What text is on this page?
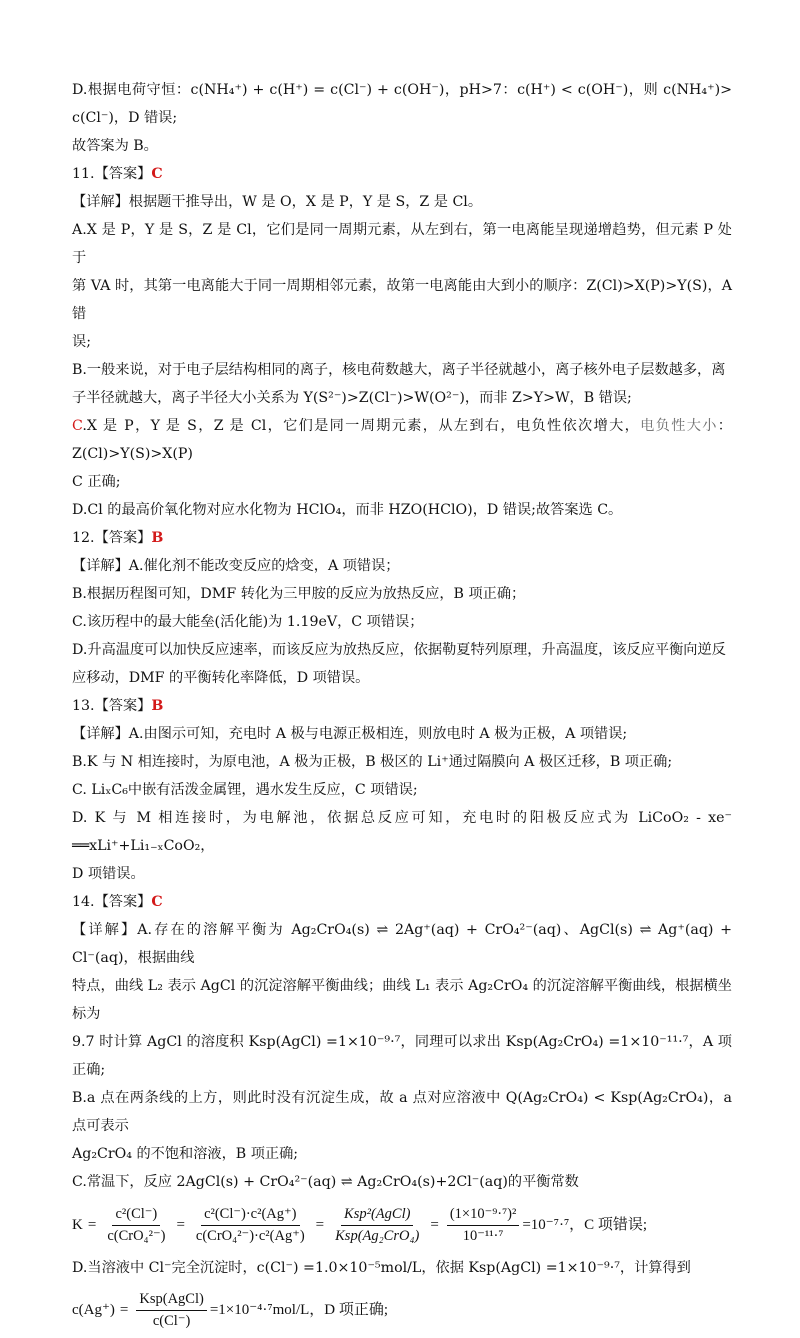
D.根据电荷守恒：c(NH₄⁺) + c(H⁺) = c(Cl⁻) + c(OH⁻)，pH>7：c(H⁺) < c(OH⁻)，则 c(NH₄⁺)> c(Cl⁻)，D 错误;

故答案为 B。

11.【答案】C

【详解】根据题干推导出，W 是 O，X 是 P，Y 是 S，Z 是 Cl。

A.X 是 P，Y 是 S，Z 是 Cl，它们是同一周期元素，从左到右，第一电离能呈现递增趋势，但元素 P 处于

第 VA 时，其第一电离能大于同一周期相邻元素，故第一电离能由大到小的顺序：Z(Cl)>X(P)>Y(S)，A 错

误;

B.一般来说，对于电子层结构相同的离子，核电荷数越大，离子半径就越小，离子核外电子层数越多，离

子半径就越大，离子半径大小关系为 Y(S²⁻)>Z(Cl⁻)>W(O²⁻)，而非 Z>Y>W，B 错误;

C.X 是 P，Y 是 S，Z 是 Cl，它们是同一周期元素，从左到右，电负性依次增大，电负性大小：Z(Cl)>Y(S)>X(P)

C 正确;

D.Cl 的最高价氧化物对应水化物为 HClO₄，而非 HZO(HClO)，D 错误;故答案选 C。

12.【答案】B

【详解】A.催化剂不能改变反应的焓变，A 项错误；

B.根据历程图可知，DMF 转化为三甲胺的反应为放热反应，B 项正确；

C.该历程中的最大能垒(活化能)为 1.19eV，C 项错误；

D.升高温度可以加快反应速率，而该反应为放热反应，依据勒夏特列原理，升高温度，该反应平衡向逆反

应移动，DMF 的平衡转化率降低，D 项错误。

13.【答案】B

【详解】A.由图示可知，充电时 A 极与电源正极相连，则放电时 A 极为正极，A 项错误;

B.K 与 N 相连接时，为原电池，A 极为正极，B 极区的 Li⁺通过隔膜向 A 极区迁移，B 项正确;

C. LiₓC₆中嵌有活泼金属锂，遇水发生反应，C 项错误;

D. K 与 M 相连接时，为电解池，依据总反应可知，充电时的阳极反应式为 LiCoO₂ - xe⁻ ══xLi⁺+Li₁₋ₓCoO₂，

D 项错误。

14.【答案】C

【详解】A.存在的溶解平衡为 Ag₂CrO₄(s) ⇌ 2Ag⁺(aq) + CrO₄²⁻(aq)、AgCl(s) ⇌ Ag⁺(aq) + Cl⁻(aq)，根据曲线

特点，曲线 L₂ 表示 AgCl 的沉淀溶解平衡曲线；曲线 L₁ 表示 Ag₂CrO₄ 的沉淀溶解平衡曲线，根据横坐标为

9.7 时计算 AgCl 的溶度积 Ksp(AgCl) =1×10⁻⁹·⁷，同理可以求出 Ksp(Ag₂CrO₄) =1×10⁻¹¹·⁷，A 项正确;

B.a 点在两条线的上方，则此时没有沉淀生成，故 a 点对应溶液中 Q(Ag₂CrO₄) < Ksp(Ag₂CrO₄)，a 点可表示

Ag₂CrO₄ 的不饱和溶液，B 项正确;

C.常温下，反应 2AgCl(s) + CrO₄²⁻(aq) ⇌ Ag₂CrO₄(s)+2Cl⁻(aq)的平衡常数

$K = \frac{\text{c²(Cl⁻)}}{\text{c(CrO₄²⁻)}} = \frac{\text{c²(Cl⁻)·c²(Ag⁺)}}{\text{c(CrO₄²⁻)·c²(Ag⁺)}} = \frac{\text{Ksp²(AgCl)}}{\text{Ksp(Ag₂CrO₄)}} = \frac{\text{(1×10⁻⁹·⁷)²}}{\text{10⁻¹¹·⁷}} =10^{-7}\cdot^7$，C 项错误;

D.当溶液中 Cl⁻完全沉淀时，c(Cl⁻) =1.0×10⁻⁵mol/L，依据 Ksp(AgCl) =1×10⁻⁹·⁷，计算得到

$c(Ag^+) = \frac{\text{Ksp(AgCl)}}{c(Cl^-)} =1\times 10^{-4}\cdot^7mol/L$，D 项正确;
